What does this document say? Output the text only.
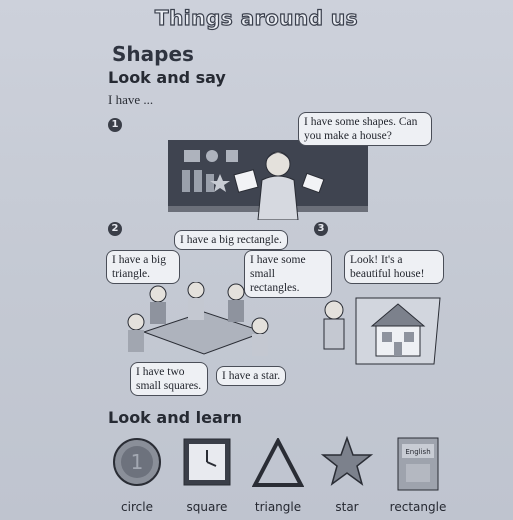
Things around us
Shapes
Look and say
I have ...
1	I have some shapes. Can you make a house?
2
I have a big rectangle.
I have a big triangle.
I have some small rectangles.
I have two small squares.
I have a star.
3
Look! It's a beautiful house!
Look and learn
1	English
circle	square	triangle	star	rectangle
